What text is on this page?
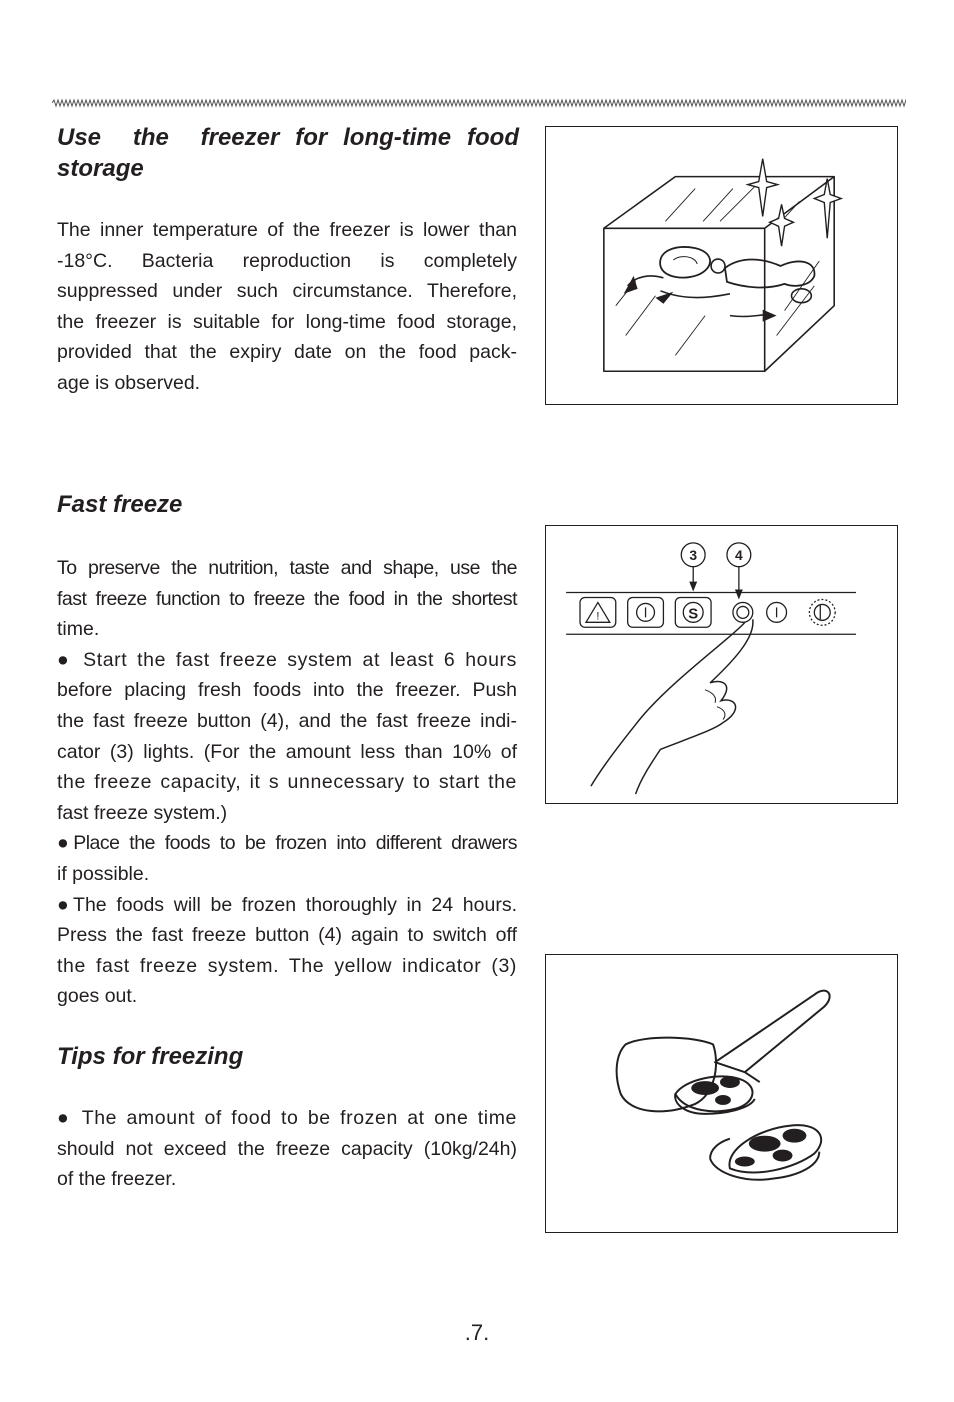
Use  the  freezer for long-time food
storage
The inner temperature of the freezer is lower than
-18°C. Bacteria reproduction is completely
suppressed under such circumstance. Therefore,
the freezer is suitable for long-time food storage,
provided that the expiry date on the food pack-
age is observed.
Fast freeze
To preserve the nutrition, taste and shape, use the
fast freeze function to freeze the food in the shortest
time.
● Start the fast freeze system at least 6 hours
before placing fresh foods into the freezer. Push
the fast freeze button (4), and the fast freeze indi-
cator (3) lights. (For the amount less than 10% of
the freeze capacity, it s unnecessary to start the
fast freeze system.)
●Place the foods to be frozen into different drawers
if possible.
●The foods will be frozen thoroughly in 24 hours.
Press the fast freeze button (4) again to switch off
the fast freeze system. The yellow indicator (3)
goes out.
!
3	4
S
Tips for freezing
● The amount of food to be frozen at one time
should not exceed the freeze capacity (10kg/24h)
of the freezer.
.7.
